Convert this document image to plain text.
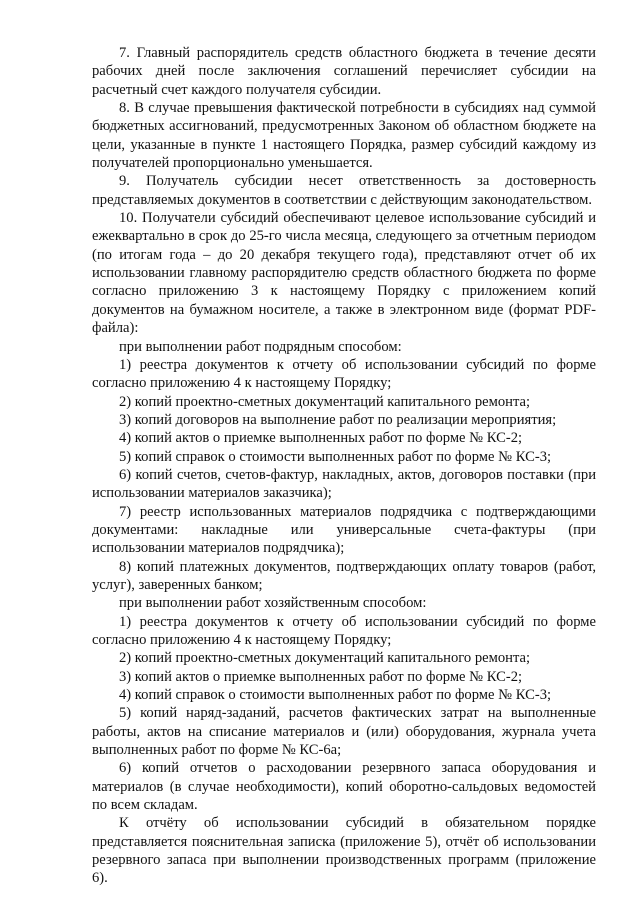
7. Главный распорядитель средств областного бюджета в течение десяти рабочих дней после заключения соглашений перечисляет субсидии на расчетный счет каждого получателя субсидии.

8. В случае превышения фактической потребности в субсидиях над суммой бюджетных ассигнований, предусмотренных Законом об областном бюджете на цели, указанные в пункте 1 настоящего Порядка, размер субсидий каждому из получателей пропорционально уменьшается.

9. Получатель субсидии несет ответственность за достоверность представляемых документов в соответствии с действующим законодательством.

10. Получатели субсидий обеспечивают целевое использование субсидий и ежеквартально в срок до 25-го числа месяца, следующего за отчетным периодом (по итогам года – до 20 декабря текущего года), представляют отчет об их использовании главному распорядителю средств областного бюджета по форме согласно приложению 3 к настоящему Порядку с приложением копий документов на бумажном носителе, а также в электронном виде (формат PDF-файла):

при выполнении работ подрядным способом:

1) реестра документов к отчету об использовании субсидий по форме согласно приложению 4 к настоящему Порядку;

2) копий проектно-сметных документаций капитального ремонта;

3) копий договоров на выполнение работ по реализации мероприятия;

4) копий актов о приемке выполненных работ по форме № КС-2;

5) копий справок о стоимости выполненных работ по форме № КС-3;

6) копий счетов, счетов-фактур, накладных, актов, договоров поставки (при использовании материалов заказчика);

7) реестр использованных материалов подрядчика с подтверждающими документами: накладные или универсальные счета-фактуры (при использовании материалов подрядчика);

8) копий платежных документов, подтверждающих оплату товаров (работ, услуг), заверенных банком;

при выполнении работ хозяйственным способом:

1) реестра документов к отчету об использовании субсидий по форме согласно приложению 4 к настоящему Порядку;

2) копий проектно-сметных документаций капитального ремонта;

3) копий актов о приемке выполненных работ по форме № КС-2;

4) копий справок о стоимости выполненных работ по форме № КС-3;

5) копий наряд-заданий, расчетов фактических затрат на выполненные работы, актов на списание материалов и (или) оборудования, журнала учета выполненных работ по форме № КС-6а;

6) копий отчетов о расходовании резервного запаса оборудования и материалов (в случае необходимости), копий оборотно-сальдовых ведомостей по всем складам.

К отчёту об использовании субсидий в обязательном порядке представляется пояснительная записка (приложение 5), отчёт об использовании резервного запаса при выполнении производственных программ (приложение 6).
